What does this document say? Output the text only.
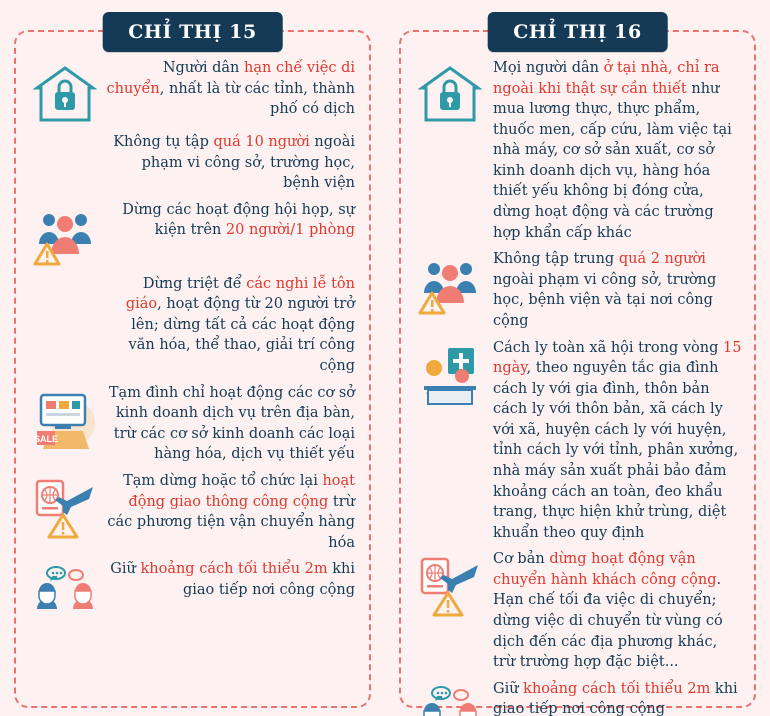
CHỈ THỊ 15
Người dân hạn chế việc di chuyển, nhất là từ các tỉnh, thành phố có dịch
Không tụ tập quá 10 người ngoài phạm vi công sở, trường học, bệnh viện
Dừng các hoạt động hội họp, sự kiện trên 20 người/1 phòng
Dừng triệt để các nghi lễ tôn giáo, hoạt động từ 20 người trở lên; dừng tất cả các hoạt động văn hóa, thể thao, giải trí công cộng
SALE
Tạm đình chỉ hoạt động các cơ sở kinh doanh dịch vụ trên địa bàn, trừ các cơ sở kinh doanh các loại hàng hóa, dịch vụ thiết yếu
Tạm dừng hoặc tổ chức lại hoạt động giao thông công cộng trừ các phương tiện vận chuyển hàng hóa
Giữ khoảng cách tối thiểu 2m khi giao tiếp nơi công cộng
CHỈ THỊ 16
Mọi người dân ở tại nhà, chỉ ra ngoài khi thật sự cần thiết như mua lương thực, thực phẩm, thuốc men, cấp cứu, làm việc tại nhà máy, cơ sở sản xuất, cơ sở kinh doanh dịch vụ, hàng hóa thiết yếu không bị đóng cửa, dừng hoạt động và các trường hợp khẩn cấp khác
Không tập trung quá 2 người ngoài phạm vi công sở, trường học, bệnh viện và tại nơi công cộng
Cách ly toàn xã hội trong vòng 15 ngày, theo nguyên tắc gia đình cách ly với gia đình, thôn bản cách ly với thôn bản, xã cách ly với xã, huyện cách ly với huyện, tỉnh cách ly với tỉnh, phân xưởng, nhà máy sản xuất phải bảo đảm khoảng cách an toàn, đeo khẩu trang, thực hiện khử trùng, diệt khuẩn theo quy định
Cơ bản dừng hoạt động vận chuyển hành khách công cộng. Hạn chế tối đa việc di chuyển; dừng việc di chuyển từ vùng có dịch đến các địa phương khác, trừ trường hợp đặc biệt...
Giữ khoảng cách tối thiểu 2m khi giao tiếp nơi công cộng
